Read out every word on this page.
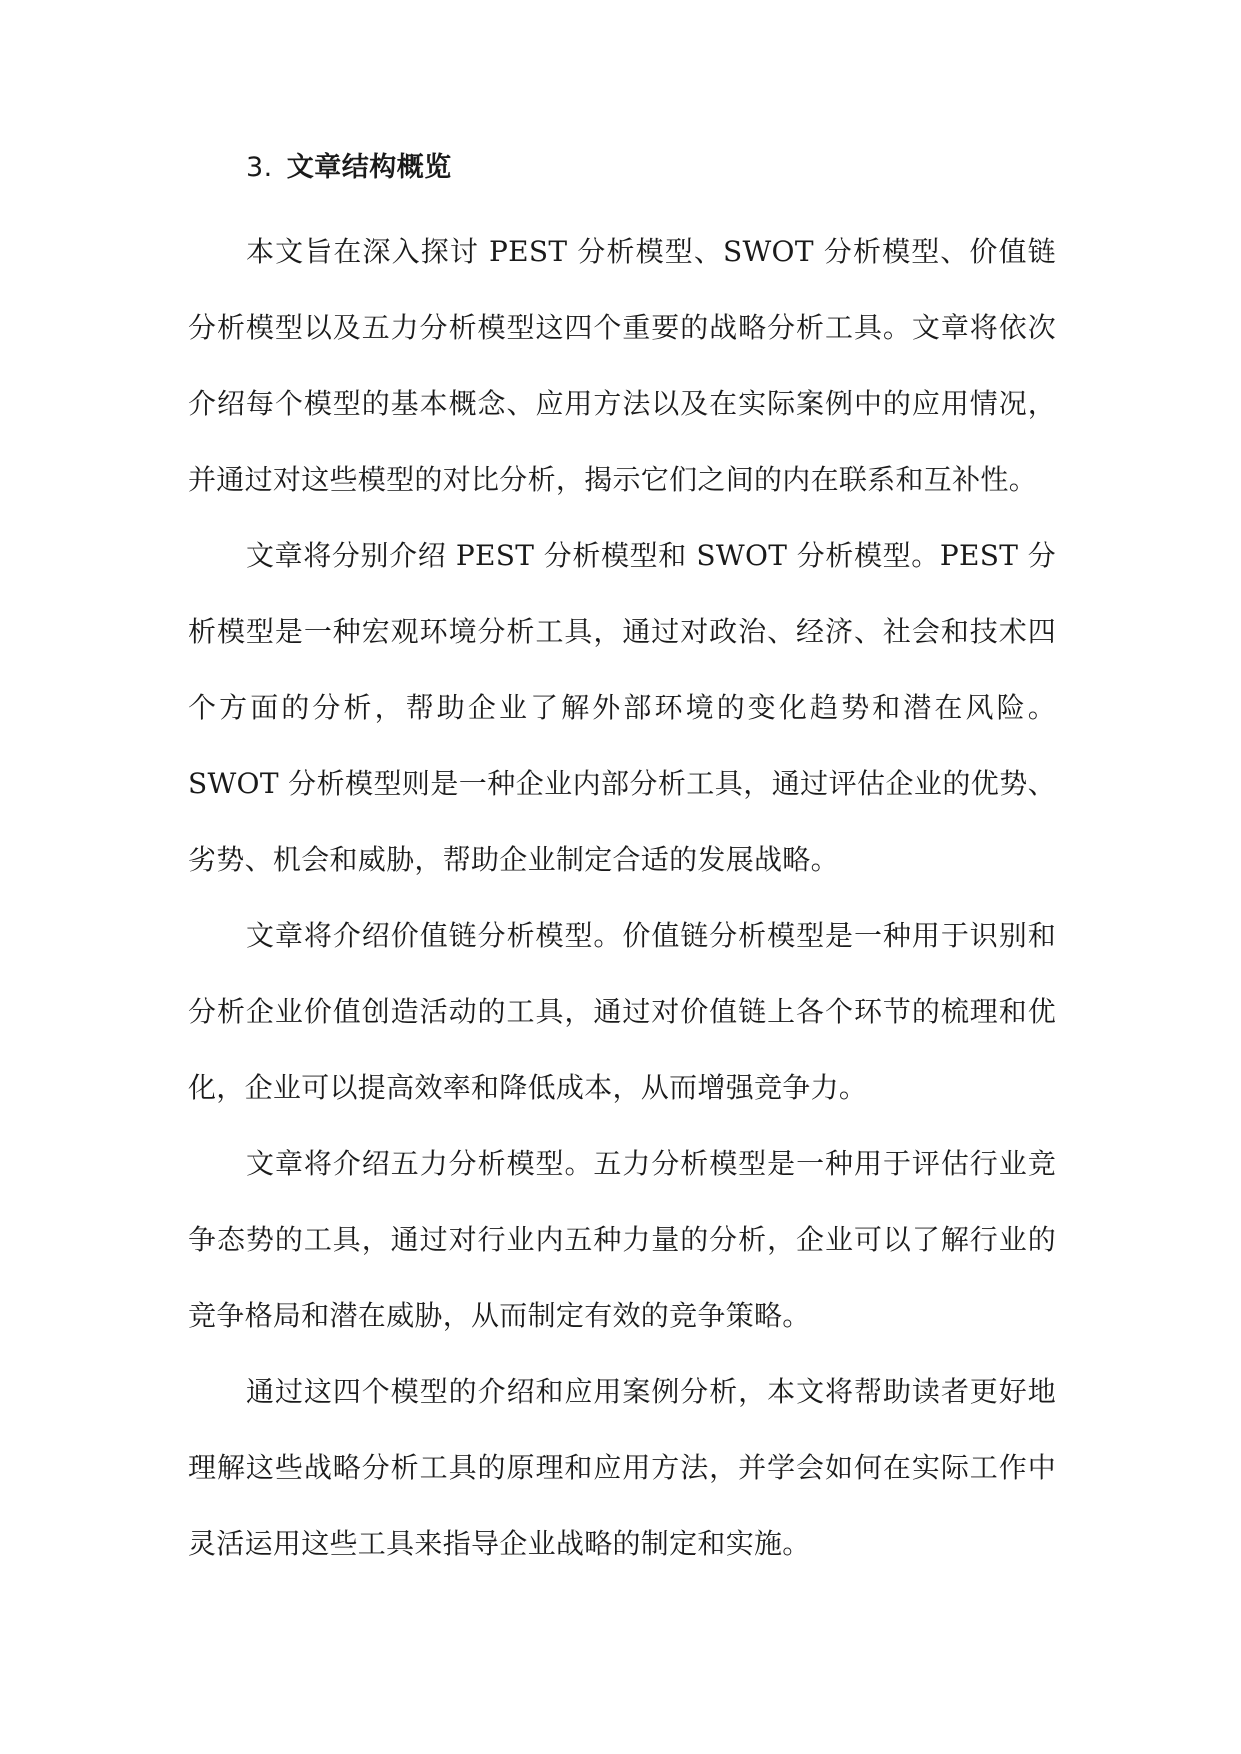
3. 文章结构概览

本文旨在深入探讨 PEST 分析模型、SWOT 分析模型、价值链分析模型以及五力分析模型这四个重要的战略分析工具。文章将依次介绍每个模型的基本概念、应用方法以及在实际案例中的应用情况，并通过对这些模型的对比分析，揭示它们之间的内在联系和互补性。

文章将分别介绍 PEST 分析模型和 SWOT 分析模型。PEST 分析模型是一种宏观环境分析工具，通过对政治、经济、社会和技术四个方面的分析，帮助企业了解外部环境的变化趋势和潜在风险。SWOT 分析模型则是一种企业内部分析工具，通过评估企业的优势、劣势、机会和威胁，帮助企业制定合适的发展战略。

文章将介绍价值链分析模型。价值链分析模型是一种用于识别和分析企业价值创造活动的工具，通过对价值链上各个环节的梳理和优化，企业可以提高效率和降低成本，从而增强竞争力。

文章将介绍五力分析模型。五力分析模型是一种用于评估行业竞争态势的工具，通过对行业内五种力量的分析，企业可以了解行业的竞争格局和潜在威胁，从而制定有效的竞争策略。

通过这四个模型的介绍和应用案例分析，本文将帮助读者更好地理解这些战略分析工具的原理和应用方法，并学会如何在实际工作中灵活运用这些工具来指导企业战略的制定和实施。
